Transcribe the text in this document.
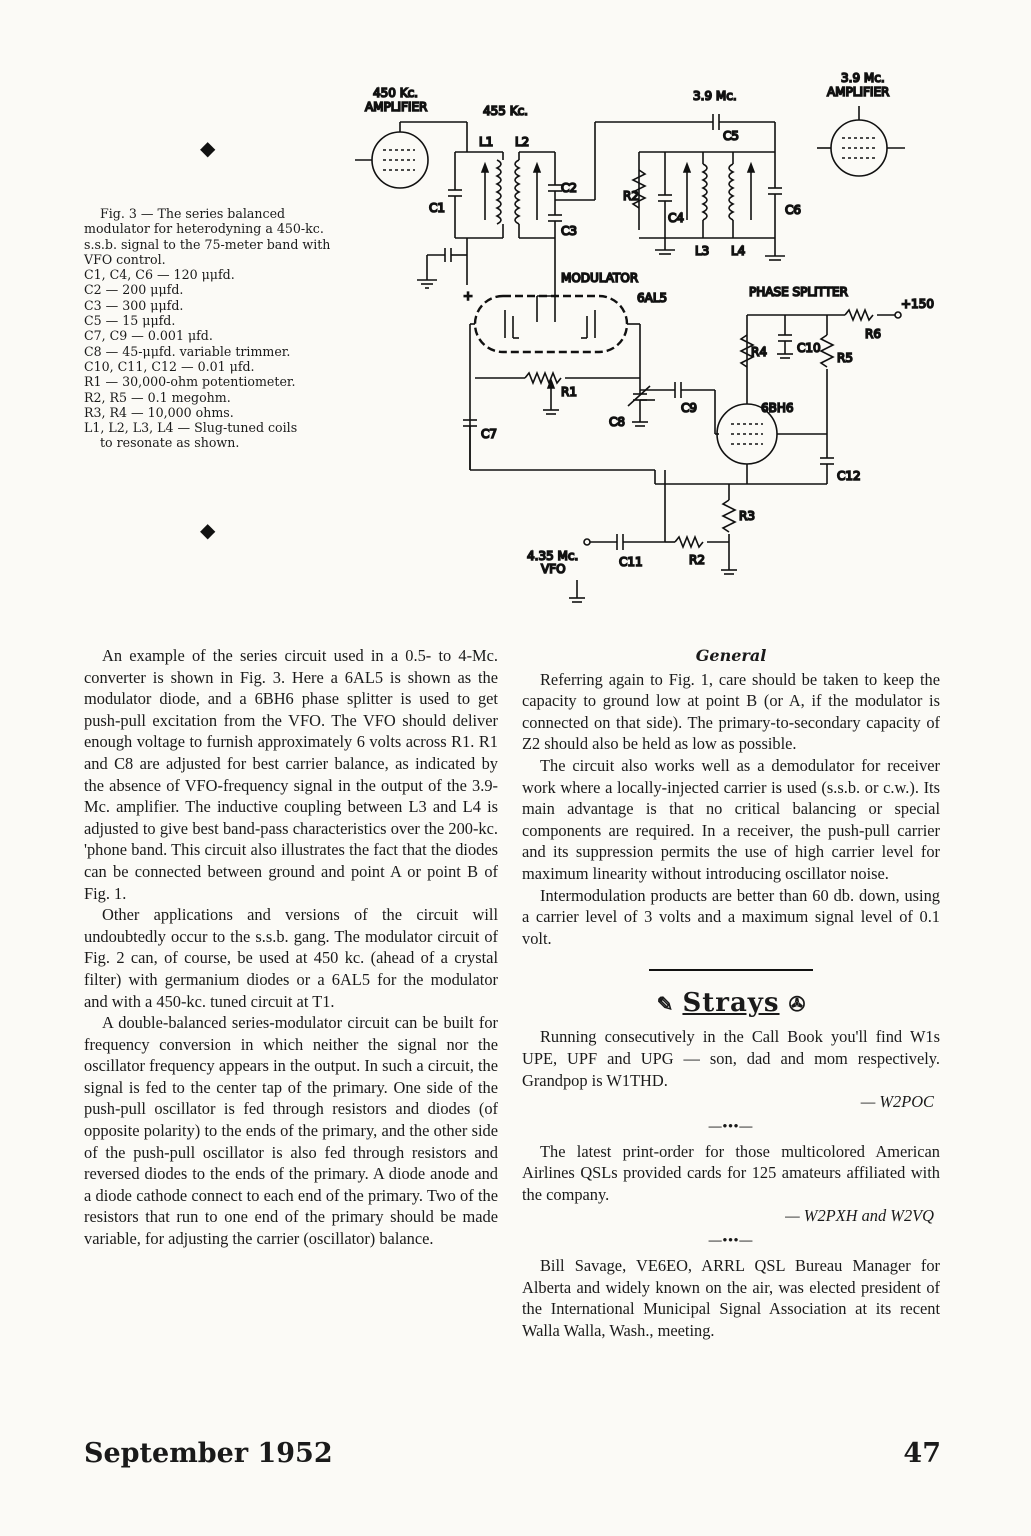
◆
Fig. 3 — The series balanced modulator for heterodyning a 450-kc. s.s.b. signal to the 75-meter band with VFO control.
C1, C4, C6 — 120 μμfd.
C2 — 200 μμfd.
C3 — 300 μμfd.
C5 — 15 μμfd.
C7, C9 — 0.001 μfd.
C8 — 45-μμfd. variable trimmer.
C10, C11, C12 — 0.01 μfd.
R1 — 30,000-ohm potentiometer.
R2, R5 — 0.1 megohm.
R3, R4 — 10,000 ohms.
L1, L2, L3, L4 — Slug-tuned coils
to resonate as shown.
◆
450 Kc.
AMPLIFIER	455 Kc.
C1
+
L1 L2
C2
C3
3.9 Mc.
C5
R2
C4
L3 L4
C6
3.9 Mc.
AMPLIFIER
MODULATOR
6AL5
R1
C7
C8
C9	6BH6
PHASE SPLITTER
R4	C10
R5
+150
R6
C12
R3
C11	R2
4.35 Mc.
VFO

An example of the series circuit used in a 0.5- to 4-Mc. converter is shown in Fig. 3. Here a 6AL5 is shown as the modulator diode, and a 6BH6 phase splitter is used to get push-pull excitation from the VFO. The VFO should deliver enough voltage to furnish approximately 6 volts across R1. R1 and C8 are adjusted for best carrier balance, as indicated by the absence of VFO-frequency signal in the output of the 3.9-Mc. amplifier. The inductive coupling between L3 and L4 is adjusted to give best band-pass characteristics over the 200-kc. 'phone band. This circuit also illustrates the fact that the diodes can be connected between ground and point A or point B of Fig. 1.

Other applications and versions of the circuit will undoubtedly occur to the s.s.b. gang. The modulator circuit of Fig. 2 can, of course, be used at 450 kc. (ahead of a crystal filter) with germanium diodes or a 6AL5 for the modulator and with a 450-kc. tuned circuit at T1.

A double-balanced series-modulator circuit can be built for frequency conversion in which neither the signal nor the oscillator frequency appears in the output. In such a circuit, the signal is fed to the center tap of the primary. One side of the push-pull oscillator is fed through resistors and diodes (of opposite polarity) to the ends of the primary, and the other side of the push-pull oscillator is also fed through resistors and reversed diodes to the ends of the primary. A diode anode and a diode cathode connect to each end of the primary. Two of the resistors that run to one end of the primary should be made variable, for adjusting the carrier (oscillator) balance.

General

Referring again to Fig. 1, care should be taken to keep the capacity to ground low at point B (or A, if the modulator is connected on that side). The primary-to-secondary capacity of Z2 should also be held as low as possible.

The circuit also works well as a demodulator for receiver work where a locally-injected carrier is used (s.s.b. or c.w.). Its main advantage is that no critical balancing or special components are required. In a receiver, the push-pull carrier and its suppression permits the use of high carrier level for maximum linearity without introducing oscillator noise.

Intermodulation products are better than 60 db. down, using a carrier level of 3 volts and a maximum signal level of 0.1 volt.

✎ Strays ✇

Running consecutively in the Call Book you'll find W1s UPE, UPF and UPG — son, dad and mom respectively. Grandpop is W1THD.

— W2POC
—•••—

The latest print-order for those multicolored American Airlines QSLs provided cards for 125 amateurs affiliated with the company.

— W2PXH and W2VQ
—•••—

Bill Savage, VE6EO, ARRL QSL Bureau Manager for Alberta and widely known on the air, was elected president of the International Municipal Signal Association at its recent Walla Walla, Wash., meeting.

September 1952	47
